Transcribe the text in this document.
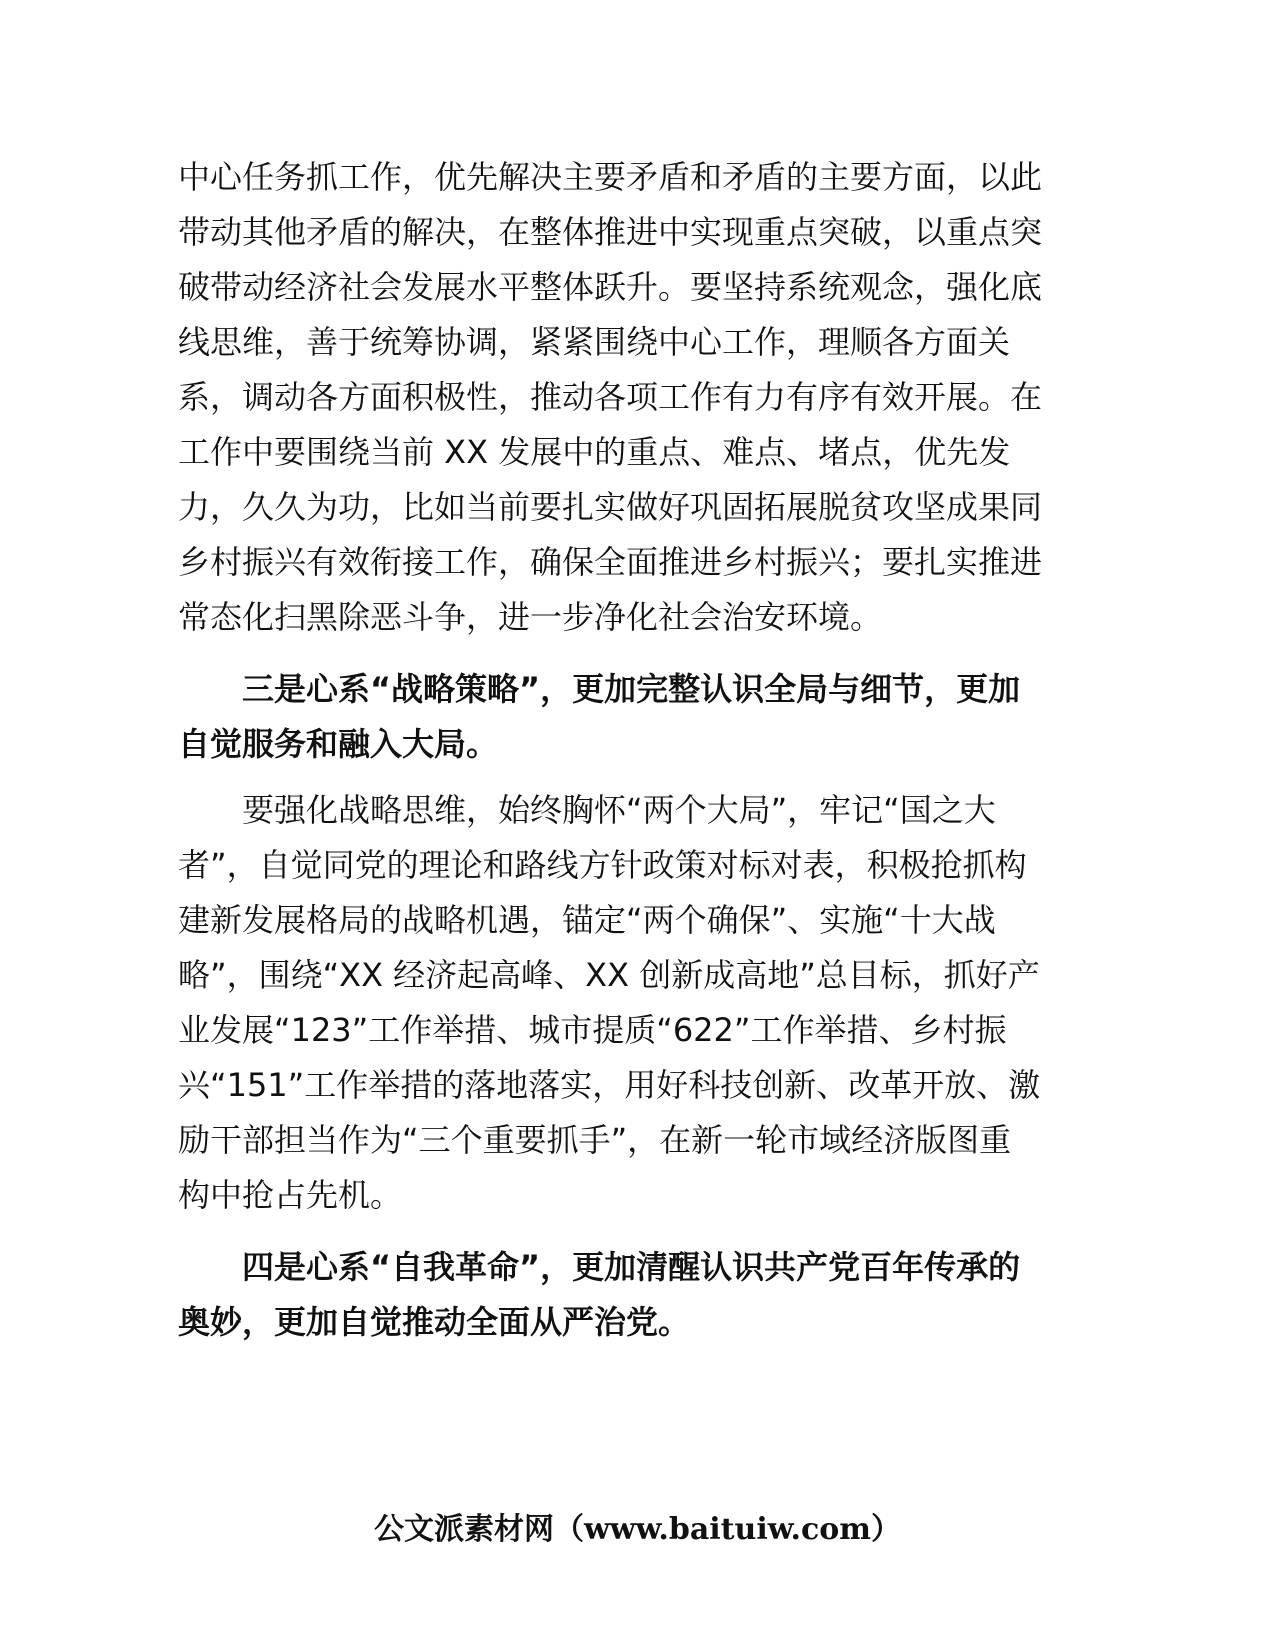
中心任务抓工作，优先解决主要矛盾和矛盾的主要方面，以此
带动其他矛盾的解决，在整体推进中实现重点突破，以重点突
破带动经济社会发展水平整体跃升。要坚持系统观念，强化底
线思维，善于统筹协调，紧紧围绕中心工作，理顺各方面关
系，调动各方面积极性，推动各项工作有力有序有效开展。在
工作中要围绕当前 XX 发展中的重点、难点、堵点，优先发
力，久久为功，比如当前要扎实做好巩固拓展脱贫攻坚成果同
乡村振兴有效衔接工作，确保全面推进乡村振兴；要扎实推进
常态化扫黑除恶斗争，进一步净化社会治安环境。
三是心系“战略策略”，更加完整认识全局与细节，更加
自觉服务和融入大局。
要强化战略思维，始终胸怀“两个大局”，牢记“国之大
者”，自觉同党的理论和路线方针政策对标对表，积极抢抓构
建新发展格局的战略机遇，锚定“两个确保”、实施“十大战
略”，围绕“XX 经济起高峰、XX 创新成高地”总目标，抓好产
业发展“123”工作举措、城市提质“622”工作举措、乡村振
兴“151”工作举措的落地落实，用好科技创新、改革开放、激
励干部担当作为“三个重要抓手”，在新一轮市域经济版图重
构中抢占先机。
四是心系“自我革命”，更加清醒认识共产党百年传承的
奥妙，更加自觉推动全面从严治党。
公文派素材网（www.baituiw.com）
